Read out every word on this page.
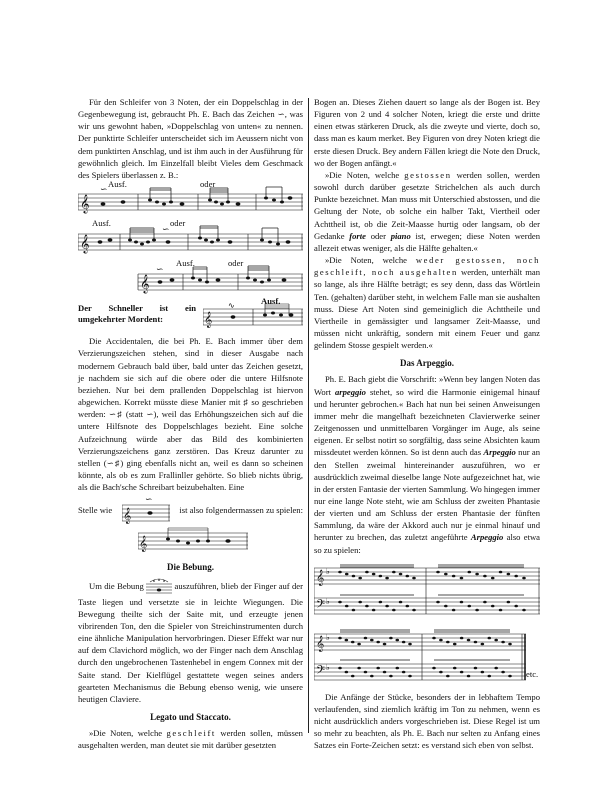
Für den Schleifer von 3 Noten, der ein Doppelschlag in der Gegenbewegung ist, gebraucht Ph. E. Bach das Zeichen ∽, was wir uns gewohnt haben, »Doppelschlag von unten« zu nennen. Der punktirte Schleifer unterscheidet sich im Aeussern nicht von dem punktirten Anschlag, und ist ihm auch in der Ausführung für gewöhnlich gleich. Im Einzelfall bleibt Vieles dem Geschmack des Spielers überlassen z. B.:

𝄞
𝄞
𝄞
∽
∽
∽
Ausf.	oder
Ausf.	oder
Ausf.	oder
Der Schneller ist ein umgekehrter Mordent:
Ausf.
𝄞
∿

Die Accidentalen, die bei Ph. E. Bach immer über dem Verzierungszeichen stehen, sind in dieser Ausgabe nach modernem Gebrauch bald über, bald unter das Zeichen gesetzt, je nachdem sie sich auf die obere oder die untere Hilfsnote beziehen. Nur bei dem prallenden Doppelschlag ist hiervon abgewichen. Korrekt müsste diese Manier mit ♯ so geschrieben werden: ∽♯ (statt ∽), weil das Erhöhungszeichen sich auf die untere Hilfsnote des Doppelschlages bezieht. Eine solche Aufzeichnung würde aber das Bild des kombinierten Verzierungszeichens ganz zerstören. Das Kreuz darunter zu stellen (∽♯) ging ebenfalls nicht an, weil es dann so scheinen könnte, als ob es zum Frallinller gehörte. So blieb nichts übrig, als die Bach'sche Schreibart beizubehalten. Eine

Stelle wie 𝄞
∽
ist also folgendermassen zu spielen:
𝄞
Die Bebung.

Um die Bebung	auszuführen, blieb der Finger auf der Taste liegen und versetzte sie in leichte Wiegungen. Die Bewegung theilte sich der Saite mit, und erzeugte jenen vibrirenden Ton, den die Spieler von Streichinstrumenten durch eine ähnliche Manipulation hervorbringen. Dieser Effekt war nur auf dem Clavichord möglich, wo der Finger nach dem Anschlag durch den ungebrochenen Tastenhebel in engem Connex mit der Saite stand. Der Kielflügel gestattete wegen seines anders gearteten Mechanismus die Bebung ebenso wenig, wie unsere heutigen Claviere.

Legato und Staccato.

»Die Noten, welche geschleift werden sollen, müssen ausgehalten werden, man deutet sie mit darüber gesetzten

Bogen an. Dieses Ziehen dauert so lange als der Bogen ist. Bey Figuren von 2 und 4 solcher Noten, kriegt die erste und dritte einen etwas stärkeren Druck, als die zweyte und vierte, doch so, dass man es kaum merket. Bey Figuren von drey Noten kriegt die erste diesen Druck. Bey andern Fällen kriegt die Note den Druck, wo der Bogen anfängt.«

»Die Noten, welche gestossen werden sollen, werden sowohl durch darüber gesetzte Strichelchen als auch durch Punkte bezeichnet. Man muss mit Unterschied abstossen, und die Geltung der Note, ob solche ein halber Takt, Viertheil oder Achttheil ist, ob die Zeit-Maasse hurtig oder langsam, ob der Gedanke forte oder piano ist, erwegen; diese Noten werden allezeit etwas weniger, als die Hälfte gehalten.«

»Die Noten, welche weder gestossen, noch geschleift, noch ausgehalten werden, unterhält man so lange, als ihre Hälfte beträgt; es sey denn, dass das Wörtlein Ten. (gehalten) darüber steht, in welchem Falle man sie aushalten muss. Diese Art Noten sind gemeiniglich die Achttheile und Viertheile in gemässigter und langsamer Zeit-Maasse, und müssen nicht unkräftig, sondern mit einem Feuer und ganz gelindem Stosse gespielt werden.«

Das Arpeggio.

Ph. E. Bach giebt die Vorschrift: »Wenn bey langen Noten das Wort arpeggio stehet, so wird die Harmonie einigemal hinauf und herunter gebrochen.« Bach hat nun bei seinen Anweisungen immer mehr die mangelhaft bezeichneten Clavierwerke seiner Zeitgenossen und unmittelbaren Vorgänger im Auge, als seine eigenen. Er selbst notirt so sorgfältig, dass seine Absichten kaum missdeutet werden können. So ist denn auch das Arpeggio nur an den Stellen zweimal hintereinander auszuführen, wo er ausdrücklich zweimal dieselbe lange Note aufgezeichnet hat, wie in der ersten Fantasie der vierten Sammlung. Wo hingegen immer nur eine lange Note steht, wie am Schluss der zweiten Phantasie der vierten und am Schluss der ersten Phantasie der fünften Sammlung, da wäre der Akkord auch nur je einmal hinauf und herunter zu brechen, das zuletzt angeführte Arpeggio also etwa so zu spielen:

𝄞
𝄢
𝄞
𝄢
♭
♭
♭
♭
etc.

Die Anfänge der Stücke, besonders der in lebhaftem Tempo verlaufenden, sind ziemlich kräftig im Ton zu nehmen, wenn es nicht ausdrücklich anders vorgeschrieben ist. Diese Regel ist um so mehr zu beachten, als Ph. E. Bach nur selten zu Anfang eines Satzes ein Forte-Zeichen setzt: es verstand sich eben von selbst.
